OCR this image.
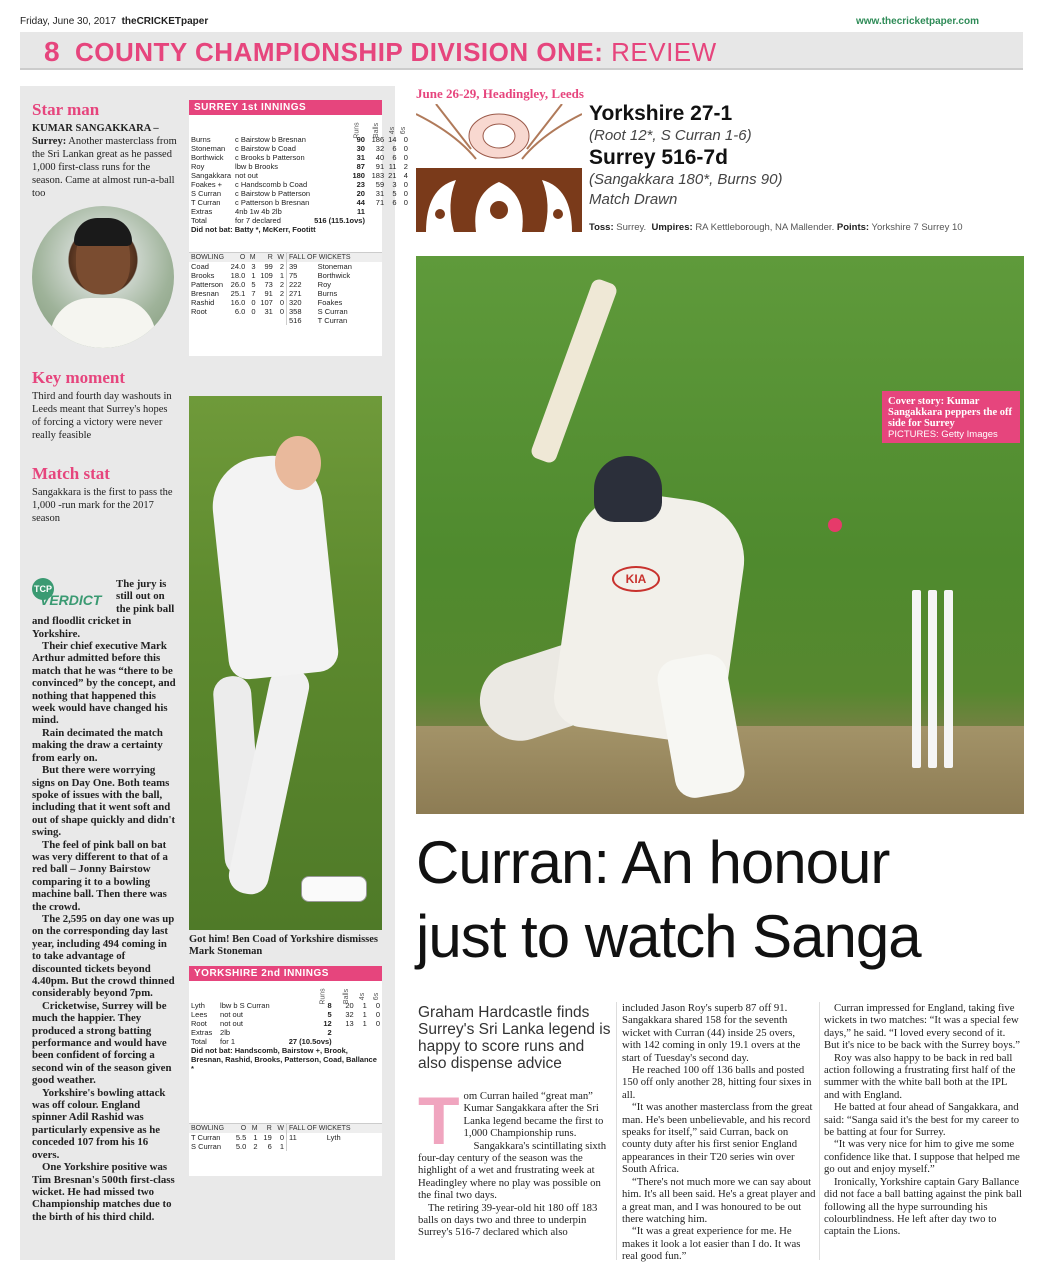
Friday, June 30, 2017 theCRICKETpaper	www.thecricketpaper.com
8 COUNTY CHAMPIONSHIP DIVISION ONE: REVIEW
Star man
KUMAR SANGAKKARA – Surrey: Another masterclass from the Sri Lankan great as he passed 1,000 first-class runs for the season. Came at almost run-a-ball too
Key moment
Third and fourth day washouts in Leeds meant that Surrey's hopes of forcing a victory were never really feasible
Match stat
Sangakkara is the first to pass the 1,000 -run mark for the 2017 season
TCP
VERDICT

The jury is still out on the pink ball and floodlit cricket in Yorkshire.

Their chief executive Mark Arthur admitted before this match that he was “there to be convinced” by the concept, and nothing that happened this week would have changed his mind.

Rain decimated the match making the draw a certainty from early on.

But there were worrying signs on Day One. Both teams spoke of issues with the ball, including that it went soft and out of shape quickly and didn't swing.

The feel of pink ball on bat was very different to that of a red ball – Jonny Bairstow comparing it to a bowling machine ball. Then there was the crowd.

The 2,595 on day one was up on the corresponding day last year, including 494 coming in to take advantage of discounted tickets beyond 4.40pm. But the crowd thinned considerably beyond 7pm.

Cricketwise, Surrey will be much the happier. They produced a strong batting performance and would have been confident of forcing a second win of the season given good weather.

Yorkshire's bowling attack was off colour. England spinner Adil Rashid was particularly expensive as he conceded 107 from his 16 overs.

One Yorkshire positive was Tim Bresnan's 500th first-class wicket. He had missed two Championship matches due to the birth of his third child.

SURREY 1st INNINGS
		Runs	Balls	4s	6s
Burns	c Bairstow b Bresnan	90	186	14	0
Stoneman	c Bairstow b Coad	30	32	6	0
Borthwick	c Brooks b Patterson	31	40	6	0
Roy	lbw b Brooks	87	91	11	2
Sangakkara	not out	180	183	21	4
Foakes +	c Handscomb b Coad	23	59	3	0
S Curran	c Bairstow b Patterson	20	31	5	0
T Curran	c Patterson b Bresnan	44	71	6	0
Extras	4nb 1w 4b 2lb	11			
Total	for 7 declared	516 (115.1ovs)			
Did not bat: Batty *, McKerr, Footitt
BOWLING	O	M	R	W
Coad	24.0	3	99	2
Brooks	18.0	1	109	1
Patterson	26.0	5	73	2
Bresnan	25.1	7	91	2
Rashid	16.0	0	107	0
Root	6.0	0	31	0
FALL OF WICKETS	
39	Stoneman
75	Borthwick
222	Roy
271	Burns
320	Foakes
358	S Curran
516	T Curran
Got him! Ben Coad of Yorkshire dismisses Mark Stoneman
YORKSHIRE 2nd INNINGS
		Runs	Balls	4s	6s
Lyth	lbw b S Curran	8	20	1	0
Lees	not out	5	32	1	0
Root	not out	12	13	1	0
Extras	2lb	2			
Total	for 1	27 (10.5ovs)			
Did not bat: Handscomb, Bairstow +, Brook, Bresnan, Rashid, Brooks, Patterson, Coad, Ballance *
BOWLING	O	M	R	W
T Curran	5.5	1	19	0
S Curran	5.0	2	6	1
FALL OF WICKETS
11	Lyth
June 26-29, Headingley, Leeds
Yorkshire 27-1
(Root 12*, S Curran 1-6)
Surrey 516-7d
(Sangakkara 180*, Burns 90)
Match Drawn
Toss: Surrey. Umpires: RA Kettleborough, NA Mallender. Points: Yorkshire 7 Surrey 10
KIA
Cover story: Kumar Sangakkara peppers the off side for Surrey
PICTURES: Getty Images
Curran: An honour
just to watch Sanga
Graham Hardcastle finds Surrey's Sri Lanka legend is happy to score runs and also dispense advice
T om Curran hailed “great man” Kumar Sangakkara after the Sri Lanka legend became the first to 1,000 Championship runs.

Sangakkara's scintillating sixth four-day century of the season was the highlight of a wet and frustrating week at Headingley where no play was possible on the final two days.

The retiring 39-year-old hit 180 off 183 balls on days two and three to underpin Surrey's 516-7 declared which also

included Jason Roy's superb 87 off 91. Sangakkara shared 158 for the seventh wicket with Curran (44) inside 25 overs, with 142 coming in only 19.1 overs at the start of Tuesday's second day.

He reached 100 off 136 balls and posted 150 off only another 28, hitting four sixes in all.

“It was another masterclass from the great man. He's been unbelievable, and his record speaks for itself,” said Curran, back on county duty after his first senior England appearances in their T20 series win over South Africa.

“There's not much more we can say about him. It's all been said. He's a great player and a great man, and I was honoured to be out there watching him.

“It was a great experience for me. He makes it look a lot easier than I do. It was real good fun.”

Curran impressed for England, taking five wickets in two matches: “It was a special few days,” he said. “I loved every second of it. But it's nice to be back with the Surrey boys.”

Roy was also happy to be back in red ball action following a frustrating first half of the summer with the white ball both at the IPL and with England.

He batted at four ahead of Sangakkara, and said: “Sanga said it's the best for my career to be batting at four for Surrey.

“It was very nice for him to give me some confidence like that. I suppose that helped me go out and enjoy myself.”

Ironically, Yorkshire captain Gary Ballance did not face a ball batting against the pink ball following all the hype surrounding his colourblindness. He left after day two to captain the Lions.
